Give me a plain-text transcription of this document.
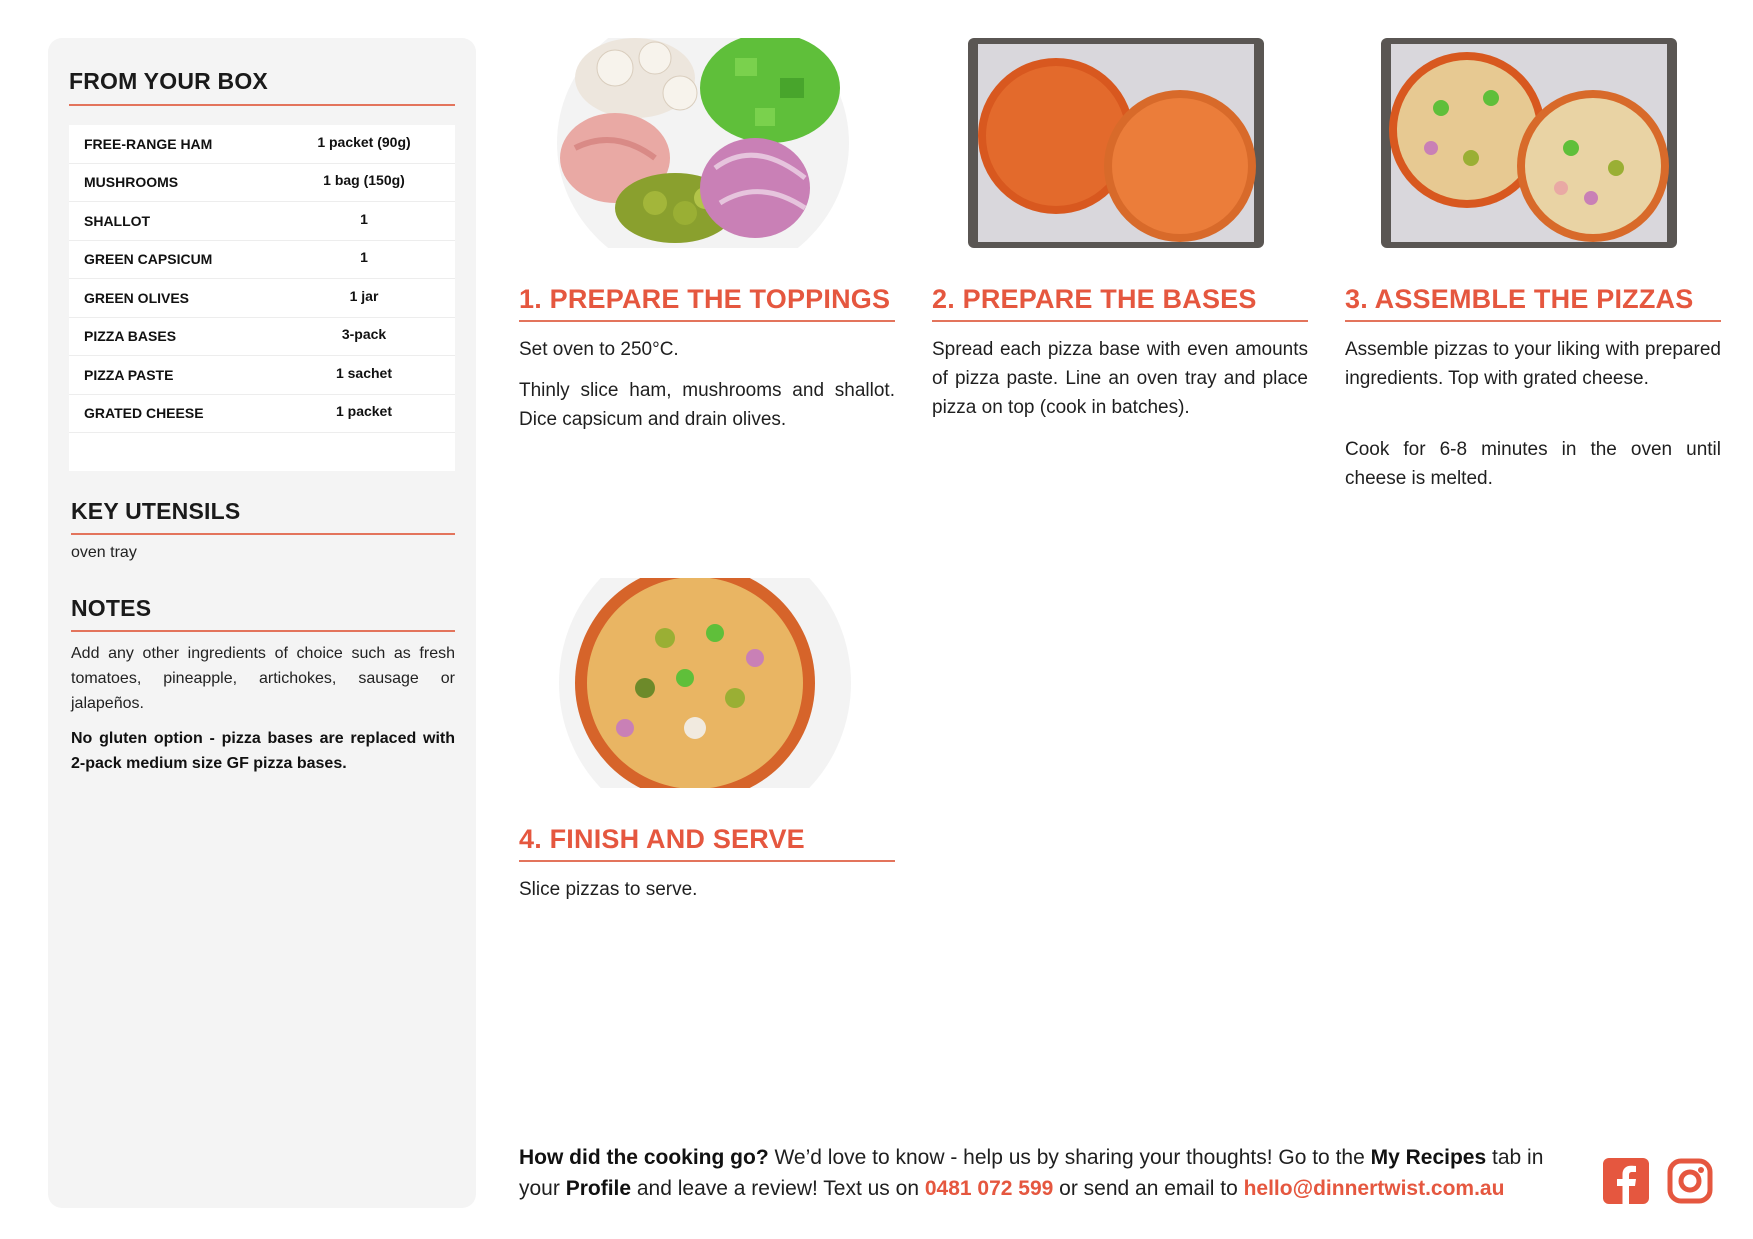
FROM YOUR BOX
FREE-RANGE HAM	1 packet (90g)
MUSHROOMS	1 bag (150g)
SHALLOT	1
GREEN CAPSICUM	1
GREEN OLIVES	1 jar
PIZZA BASES	3-pack
PIZZA PASTE	1 sachet
GRATED CHEESE	1 packet
KEY UTENSILS
oven tray
NOTES
Add any other ingredients of choice such as fresh tomatoes, pineapple, artichokes, sausage or jalapeños.
No gluten option - pizza bases are replaced with 2-pack medium size GF pizza bases.
1. PREPARE THE TOPPINGS
Set oven to 250°C.
Thinly slice ham, mushrooms and shallot. Dice capsicum and drain olives.
2. PREPARE THE BASES
Spread each pizza base with even amounts of pizza paste. Line an oven tray and place pizza on top (cook in batches).
3. ASSEMBLE THE PIZZAS
Assemble pizzas to your liking with prepared ingredients. Top with grated cheese.
Cook for 6-8 minutes in the oven until cheese is melted.
4. FINISH AND SERVE
Slice pizzas to serve.
How did the cooking go? We’d love to know - help us by sharing your thoughts! Go to the My Recipes tab in your Profile and leave a review! Text us on 0481 072 599 or send an email to hello@dinnertwist.com.au
